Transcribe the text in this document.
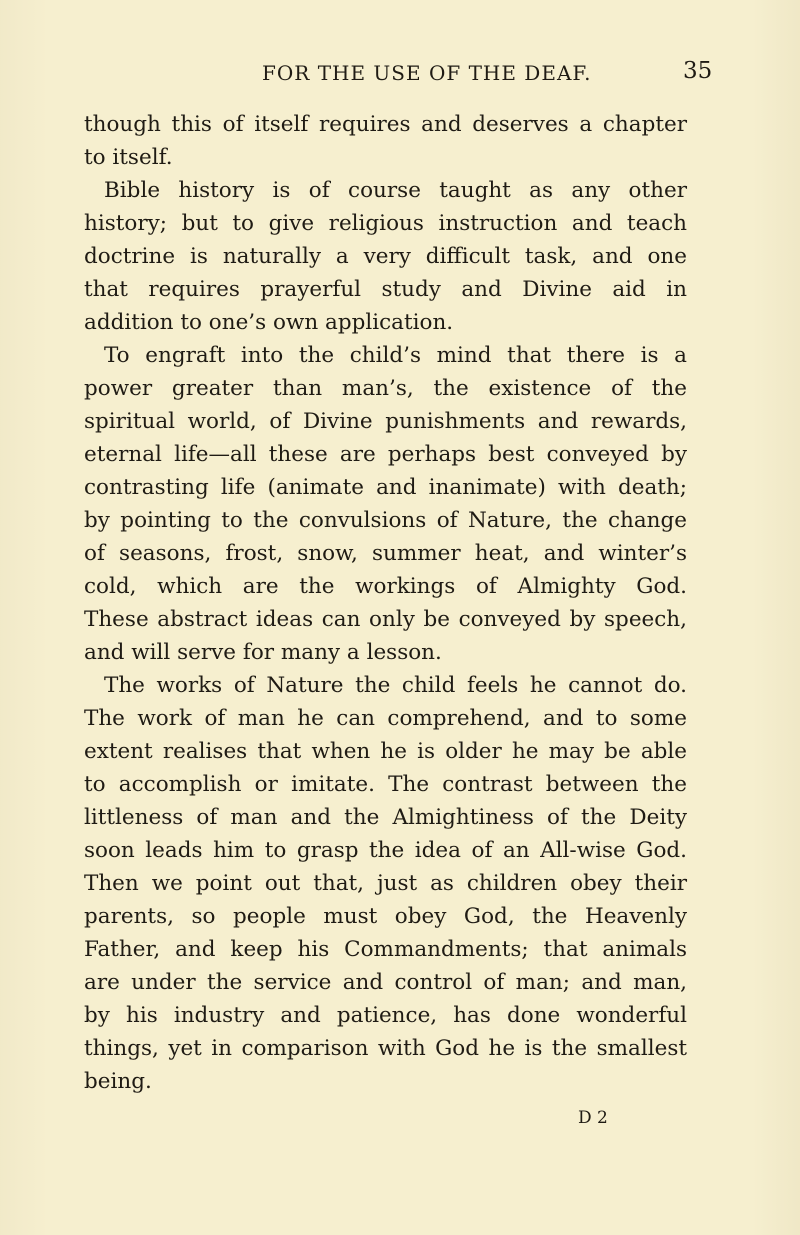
FOR THE USE OF THE DEAF.	35
though this of itself requires and deserves a chapter
to itself.
Bible history is of course taught as any other
history; but to give religious instruction and teach
doctrine is naturally a very difficult task, and one
that requires prayerful study and Divine aid in
addition to one’s own application.
To engraft into the child’s mind that there is a
power greater than man’s, the existence of the
spiritual world, of Divine punishments and rewards,
eternal life—all these are perhaps best conveyed by
contrasting life (animate and inanimate) with death;
by pointing to the convulsions of Nature, the change
of seasons, frost, snow, summer heat, and winter’s
cold, which are the workings of Almighty God.
These abstract ideas can only be conveyed by speech,
and will serve for many a lesson.
The works of Nature the child feels he cannot do.
The work of man he can comprehend, and to some
extent realises that when he is older he may be able
to accomplish or imitate. The contrast between the
littleness of man and the Almightiness of the Deity
soon leads him to grasp the idea of an All-wise God.
Then we point out that, just as children obey their
parents, so people must obey God, the Heavenly
Father, and keep his Commandments; that animals
are under the service and control of man; and man,
by his industry and patience, has done wonderful
things, yet in comparison with God he is the smallest
being.
D 2
